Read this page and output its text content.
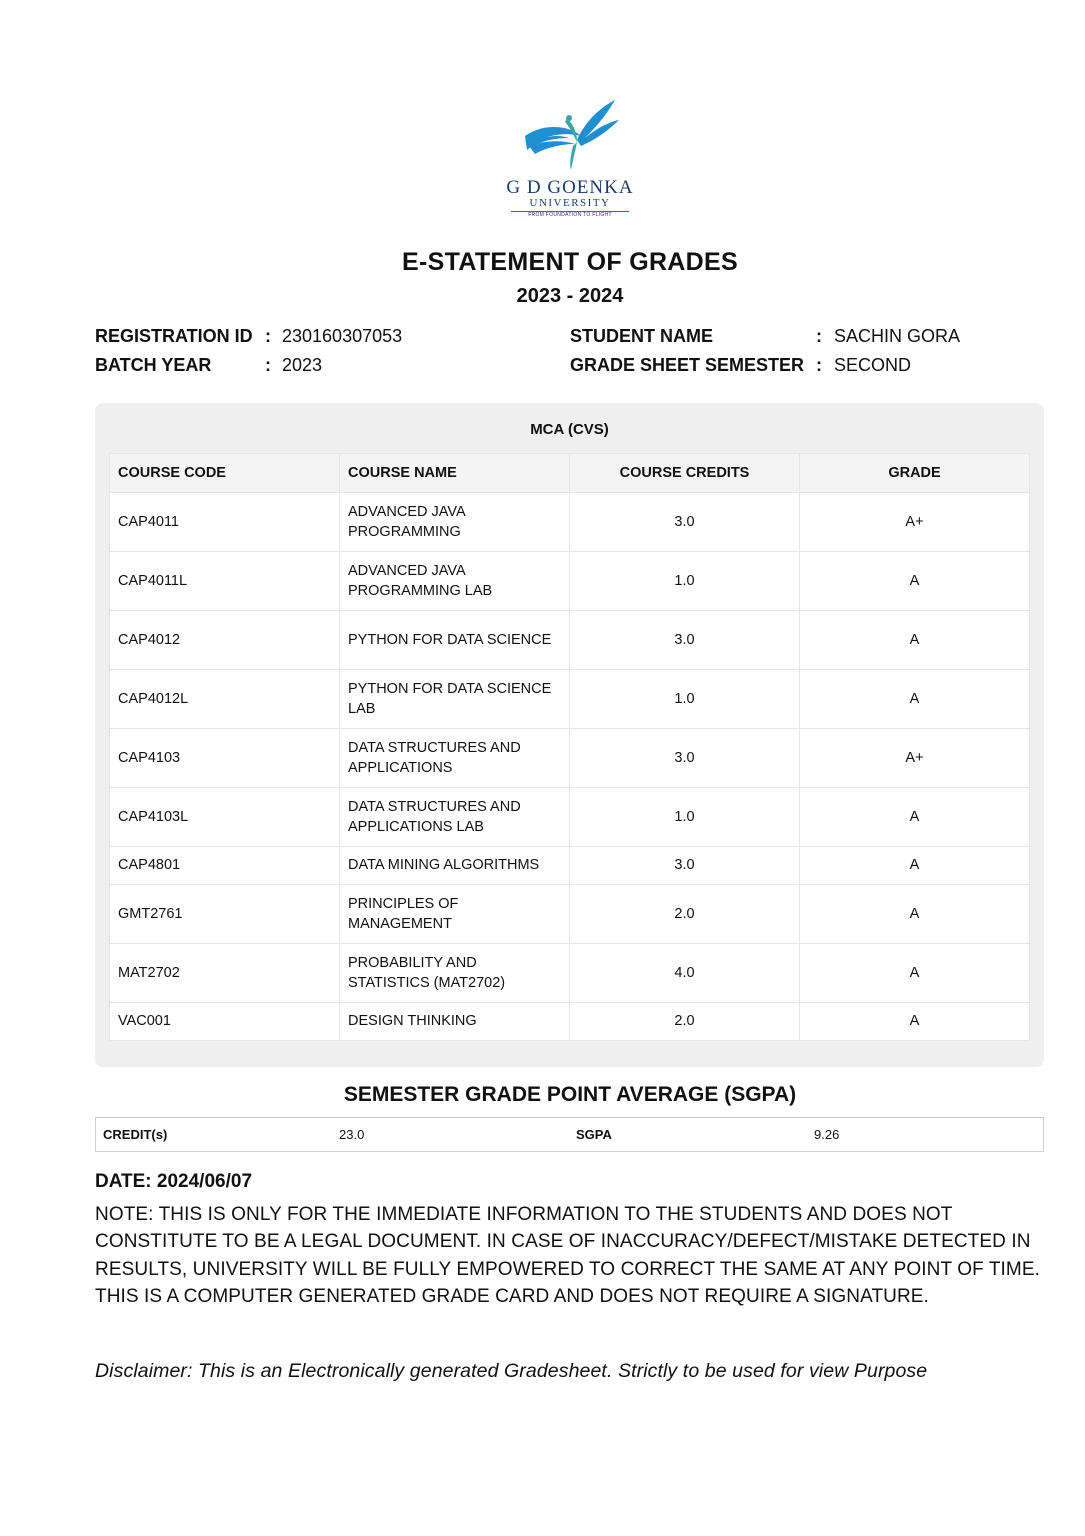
G D GOENKA
UNIVERSITY
FROM FOUNDATION TO FLIGHT
E-STATEMENT OF GRADES
2023 - 2024
REGISTRATION ID : 230160307053
BATCH YEAR	: 2023
STUDENT NAME	: SACHIN GORA
GRADE SHEET SEMESTER : SECOND
MCA (CVS)
COURSE CODE	COURSE NAME	COURSE CREDITS	GRADE
CAP4011	ADVANCED JAVA PROGRAMMING	3.0	A+
CAP4011L	ADVANCED JAVA PROGRAMMING LAB	1.0	A
CAP4012	PYTHON FOR DATA SCIENCE	3.0	A
CAP4012L	PYTHON FOR DATA SCIENCE LAB	1.0	A
CAP4103	DATA STRUCTURES AND APPLICATIONS	3.0	A+
CAP4103L	DATA STRUCTURES AND APPLICATIONS LAB	1.0	A
CAP4801	DATA MINING ALGORITHMS	3.0	A
GMT2761	PRINCIPLES OF MANAGEMENT	2.0	A
MAT2702	PROBABILITY AND STATISTICS (MAT2702)	4.0	A
VAC001	DESIGN THINKING	2.0	A
SEMESTER GRADE POINT AVERAGE (SGPA)
CREDIT(s)	23.0	SGPA	9.26
DATE: 2024/06/07
NOTE: THIS IS ONLY FOR THE IMMEDIATE INFORMATION TO THE STUDENTS AND DOES NOT CONSTITUTE TO BE A LEGAL DOCUMENT. IN CASE OF INACCURACY/DEFECT/MISTAKE DETECTED IN RESULTS, UNIVERSITY WILL BE FULLY EMPOWERED TO CORRECT THE SAME AT ANY POINT OF TIME. THIS IS A COMPUTER GENERATED GRADE CARD AND DOES NOT REQUIRE A SIGNATURE.
Disclaimer: This is an Electronically generated Gradesheet. Strictly to be used for view Purpose
